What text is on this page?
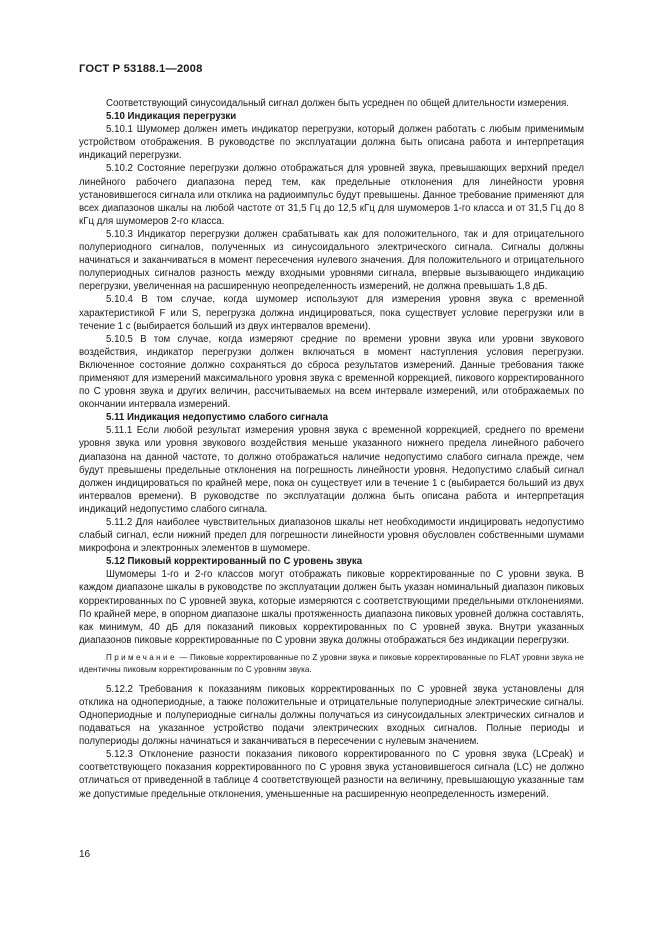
ГОСТ Р 53188.1—2008

Соответствующий синусоидальный сигнал должен быть усреднен по общей длительности измерения.

5.10 Индикация перегрузки

5.10.1 Шумомер должен иметь индикатор перегрузки, который должен работать с любым применимым устройством отображения. В руководстве по эксплуатации должна быть описана работа и интерпретация индикаций перегрузки.

5.10.2 Состояние перегрузки должно отображаться для уровней звука, превышающих верхний предел линейного рабочего диапазона перед тем, как предельные отклонения для линейности уровня установившегося сигнала или отклика на радиоимпульс будут превышены. Данное требование применяют для всех диапазонов шкалы на любой частоте от 31,5 Гц до 12,5 кГц для шумомеров 1-го класса и от 31,5 Гц до 8 кГц для шумомеров 2-го класса.

5.10.3 Индикатор перегрузки должен срабатывать как для положительного, так и для отрицательного полупериодного сигналов, полученных из синусоидального электрического сигнала. Сигналы должны начинаться и заканчиваться в момент пересечения нулевого значения. Для положительного и отрицательного полупериодных сигналов разность между входными уровнями сигнала, впервые вызывающего индикацию перегрузки, увеличенная на расширенную неопределенность измерений, не должна превышать 1,8 дБ.

5.10.4 В том случае, когда шумомер используют для измерения уровня звука с временной характеристикой F или S, перегрузка должна индицироваться, пока существует условие перегрузки или в течение 1 с (выбирается больший из двух интервалов времени).

5.10.5 В том случае, когда измеряют средние по времени уровни звука или уровни звукового воздействия, индикатор перегрузки должен включаться в момент наступления условия перегрузки. Включенное состояние должно сохраняться до сброса результатов измерений. Данные требования также применяют для измерений максимального уровня звука с временной коррекцией, пикового корректированного по С уровня звука и других величин, рассчитываемых на всем интервале измерений, или отображаемых по окончании интервала измерений.

5.11 Индикация недопустимо слабого сигнала

5.11.1 Если любой результат измерения уровня звука с временной коррекцией, среднего по времени уровня звука или уровня звукового воздействия меньше указанного нижнего предела линейного рабочего диапазона на данной частоте, то должно отображаться наличие недопустимо слабого сигнала прежде, чем будут превышены предельные отклонения на погрешность линейности уровня. Недопустимо слабый сигнал должен индицироваться по крайней мере, пока он существует или в течение 1 с (выбирается больший из двух интервалов времени). В руководстве по эксплуатации должна быть описана работа и интерпретация индикаций недопустимо слабого сигнала.

5.11.2 Для наиболее чувствительных диапазонов шкалы нет необходимости индицировать недопустимо слабый сигнал, если нижний предел для погрешности линейности уровня обусловлен собственными шумами микрофона и электронных элементов в шумомере.

5.12 Пиковый корректированный по С уровень звука

Шумомеры 1-го и 2-го классов могут отображать пиковые корректированные по С уровни звука. В каждом диапазоне шкалы в руководстве по эксплуатации должен быть указан номинальный диапазон пиковых корректированных по С уровней звука, которые измеряются с соответствующими предельными отклонениями. По крайней мере, в опорном диапазоне шкалы протяженность диапазона пиковых уровней должна составлять, как минимум, 40 дБ для показаний пиковых корректированных по С уровней звука. Внутри указанных диапазонов пиковые корректированные по С уровни звука должны отображаться без индикации перегрузки.

Примечание — Пиковые корректированные по Z уровни звука и пиковые корректированные по FLAT уровни звука не идентичны пиковым корректированным по С уровням звука.

5.12.2 Требования к показаниям пиковых корректированных по С уровней звука установлены для отклика на однопериодные, а также положительные и отрицательные полупериодные электрические сигналы. Однопериодные и полупериодные сигналы должны получаться из синусоидальных электрических сигналов и подаваться на указанное устройство подачи электрических входных сигналов. Полные периоды и полупериоды должны начинаться и заканчиваться в пересечении с нулевым значением.

5.12.3 Отклонение разности показания пикового корректированного по С уровня звука (LCpeak) и соответствующего показания корректированного по С уровня звука установившегося сигнала (LC) не должно отличаться от приведенной в таблице 4 соответствующей разности на величину, превышающую указанные там же допустимые предельные отклонения, уменьшенные на расширенную неопределенность измерений.

16
